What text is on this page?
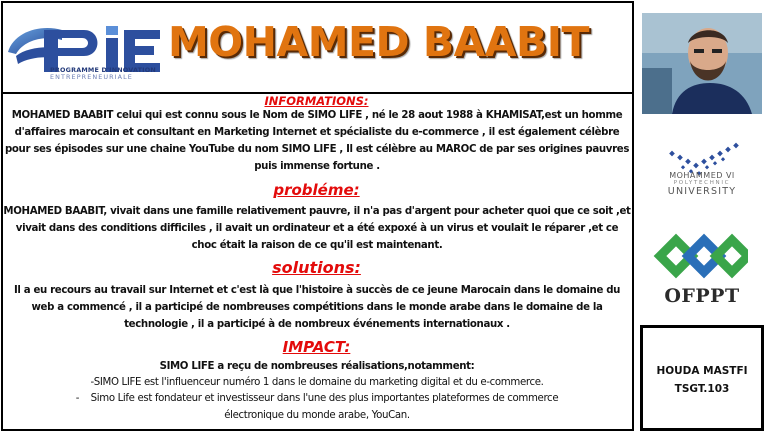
PROGRAMME D'INNOVATION
ENTREPRENEURIALE
MOHAMED BAABIT
INFORMATIONS:
MOHAMED BAABIT celui qui est connu sous le Nom de SIMO LIFE , né le 28 aout 1988 à KHAMISAT,est un homme d'affaires marocain et consultant en Marketing Internet et spécialiste du e-commerce , il est également célèbre pour ses épisodes sur une chaine YouTube du nom SIMO LIFE , Il est célèbre au MAROC de par ses origines pauvres puis immense fortune .
probléme:
MOHAMED BAABIT, vivait dans une famille relativement pauvre, il n'a pas d'argent pour acheter quoi que ce soit ,et vivait dans des conditions difficiles , il avait un ordinateur et a été expoxé à un virus et voulait le réparer ,et ce choc était la raison de ce qu'il est maintenant.
solutions:
Il a eu recours au travail sur Internet et c'est là que l'histoire à succès de ce jeune Marocain dans le domaine du web a commencé , il a participé de nombreuses compétitions dans le monde arabe dans le domaine de la technologie , il a participé à de nombreux événements internationaux .
IMPACT:
SIMO LIFE a reçu de nombreuses réalisations,notamment:
-SIMO LIFE est l'influenceur numéro 1 dans le domaine du marketing digital et du e-commerce.
- Simo Life est fondateur et investisseur dans l'une des plus importantes plateformes de commerce
électronique du monde arabe, YouCan.
MOHAMMED VI
POLYTECHNIC
UNIVERSITY
OFPPT
HOUDA MASTFI
TSGT.103
